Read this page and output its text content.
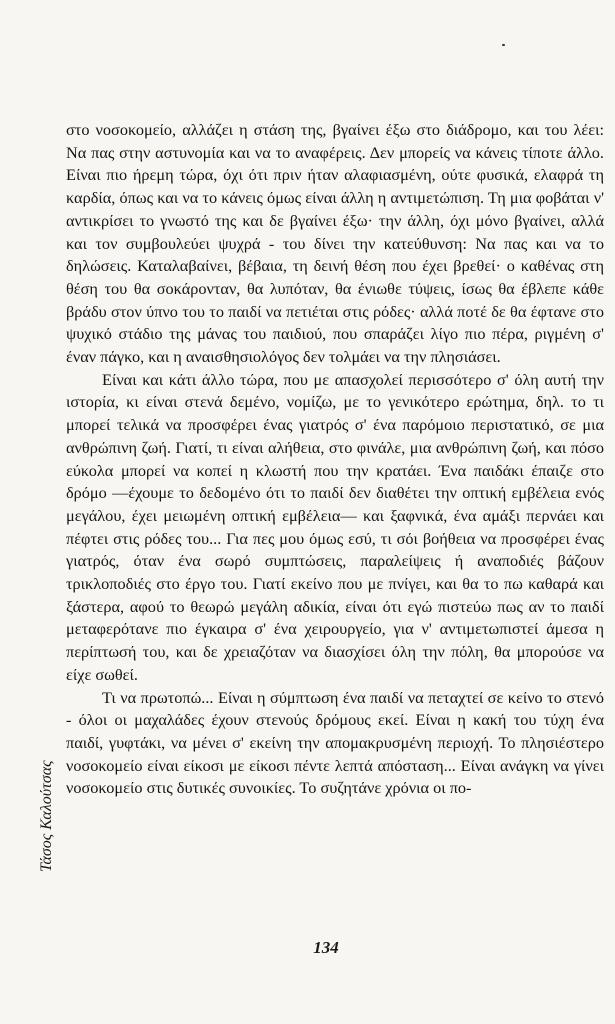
στο νοσοκομείο, αλλάζει η στάση της, βγαίνει έξω στο διάδρομο, και του λέει: Να πας στην αστυνομία και να το αναφέρεις. Δεν μπορείς να κάνεις τίποτε άλλο. Είναι πιο ήρεμη τώρα, όχι ότι πριν ήταν αλαφιασμένη, ούτε φυσικά, ελαφρά τη καρδία, όπως και να το κάνεις όμως είναι άλλη η αντιμετώπιση. Τη μια φοβάται ν' αντικρίσει το γνωστό της και δε βγαίνει έξω· την άλλη, όχι μόνο βγαίνει, αλλά και τον συμβουλεύει ψυχρά - του δίνει την κατεύθυνση: Να πας και να το δηλώσεις. Καταλαβαίνει, βέβαια, τη δεινή θέση που έχει βρεθεί· ο καθένας στη θέση του θα σοκάρονταν, θα λυπόταν, θα ένιωθε τύψεις, ίσως θα έβλεπε κάθε βράδυ στον ύπνο του το παιδί να πετιέται στις ρόδες· αλλά ποτέ δε θα έφτανε στο ψυχικό στάδιο της μάνας του παιδιού, που σπαράζει λίγο πιο πέρα, ριγμένη σ' έναν πάγκο, και η αναισθησιολόγος δεν τολμάει να την πλησιάσει.

Είναι και κάτι άλλο τώρα, που με απασχολεί περισσότερο σ' όλη αυτή την ιστορία, κι είναι στενά δεμένο, νομίζω, με το γενικότερο ερώτημα, δηλ. το τι μπορεί τελικά να προσφέρει ένας γιατρός σ' ένα παρόμοιο περιστατικό, σε μια ανθρώπινη ζωή. Γιατί, τι είναι αλήθεια, στο φινάλε, μια ανθρώπινη ζωή, και πόσο εύκολα μπορεί να κοπεί η κλωστή που την κρατάει. Ένα παιδάκι έπαιζε στο δρόμο —έχουμε το δεδομένο ότι το παιδί δεν διαθέτει την οπτική εμβέλεια ενός μεγάλου, έχει μειωμένη οπτική εμβέλεια— και ξαφνικά, ένα αμάξι περνάει και πέφτει στις ρόδες του... Για πες μου όμως εσύ, τι σόι βοήθεια να προσφέρει ένας γιατρός, όταν ένα σωρό συμπτώσεις, παραλείψεις ή αναποδιές βάζουν τρικλοποδιές στο έργο του. Γιατί εκείνο που με πνίγει, και θα το πω καθαρά και ξάστερα, αφού το θεωρώ μεγάλη αδικία, είναι ότι εγώ πιστεύω πως αν το παιδί μεταφερότανε πιο έγκαιρα σ' ένα χειρουργείο, για ν' αντιμετωπιστεί άμεσα η περίπτωσή του, και δε χρειαζόταν να διασχίσει όλη την πόλη, θα μπορούσε να είχε σωθεί.

Τι να πρωτοπώ... Είναι η σύμπτωση ένα παιδί να πεταχτεί σε κείνο το στενό - όλοι οι μαχαλάδες έχουν στενούς δρόμους εκεί. Είναι η κακή του τύχη ένα παιδί, γυφτάκι, να μένει σ' εκείνη την απομακρυσμένη περιοχή. Το πλησιέστερο νοσοκομείο είναι είκοσι με είκοσι πέντε λεπτά απόσταση... Είναι ανάγκη να γίνει νοσοκομείο στις δυτικές συνοικίες. Το συζητάνε χρόνια οι πο-

Τάσος Καλούτσας
134
